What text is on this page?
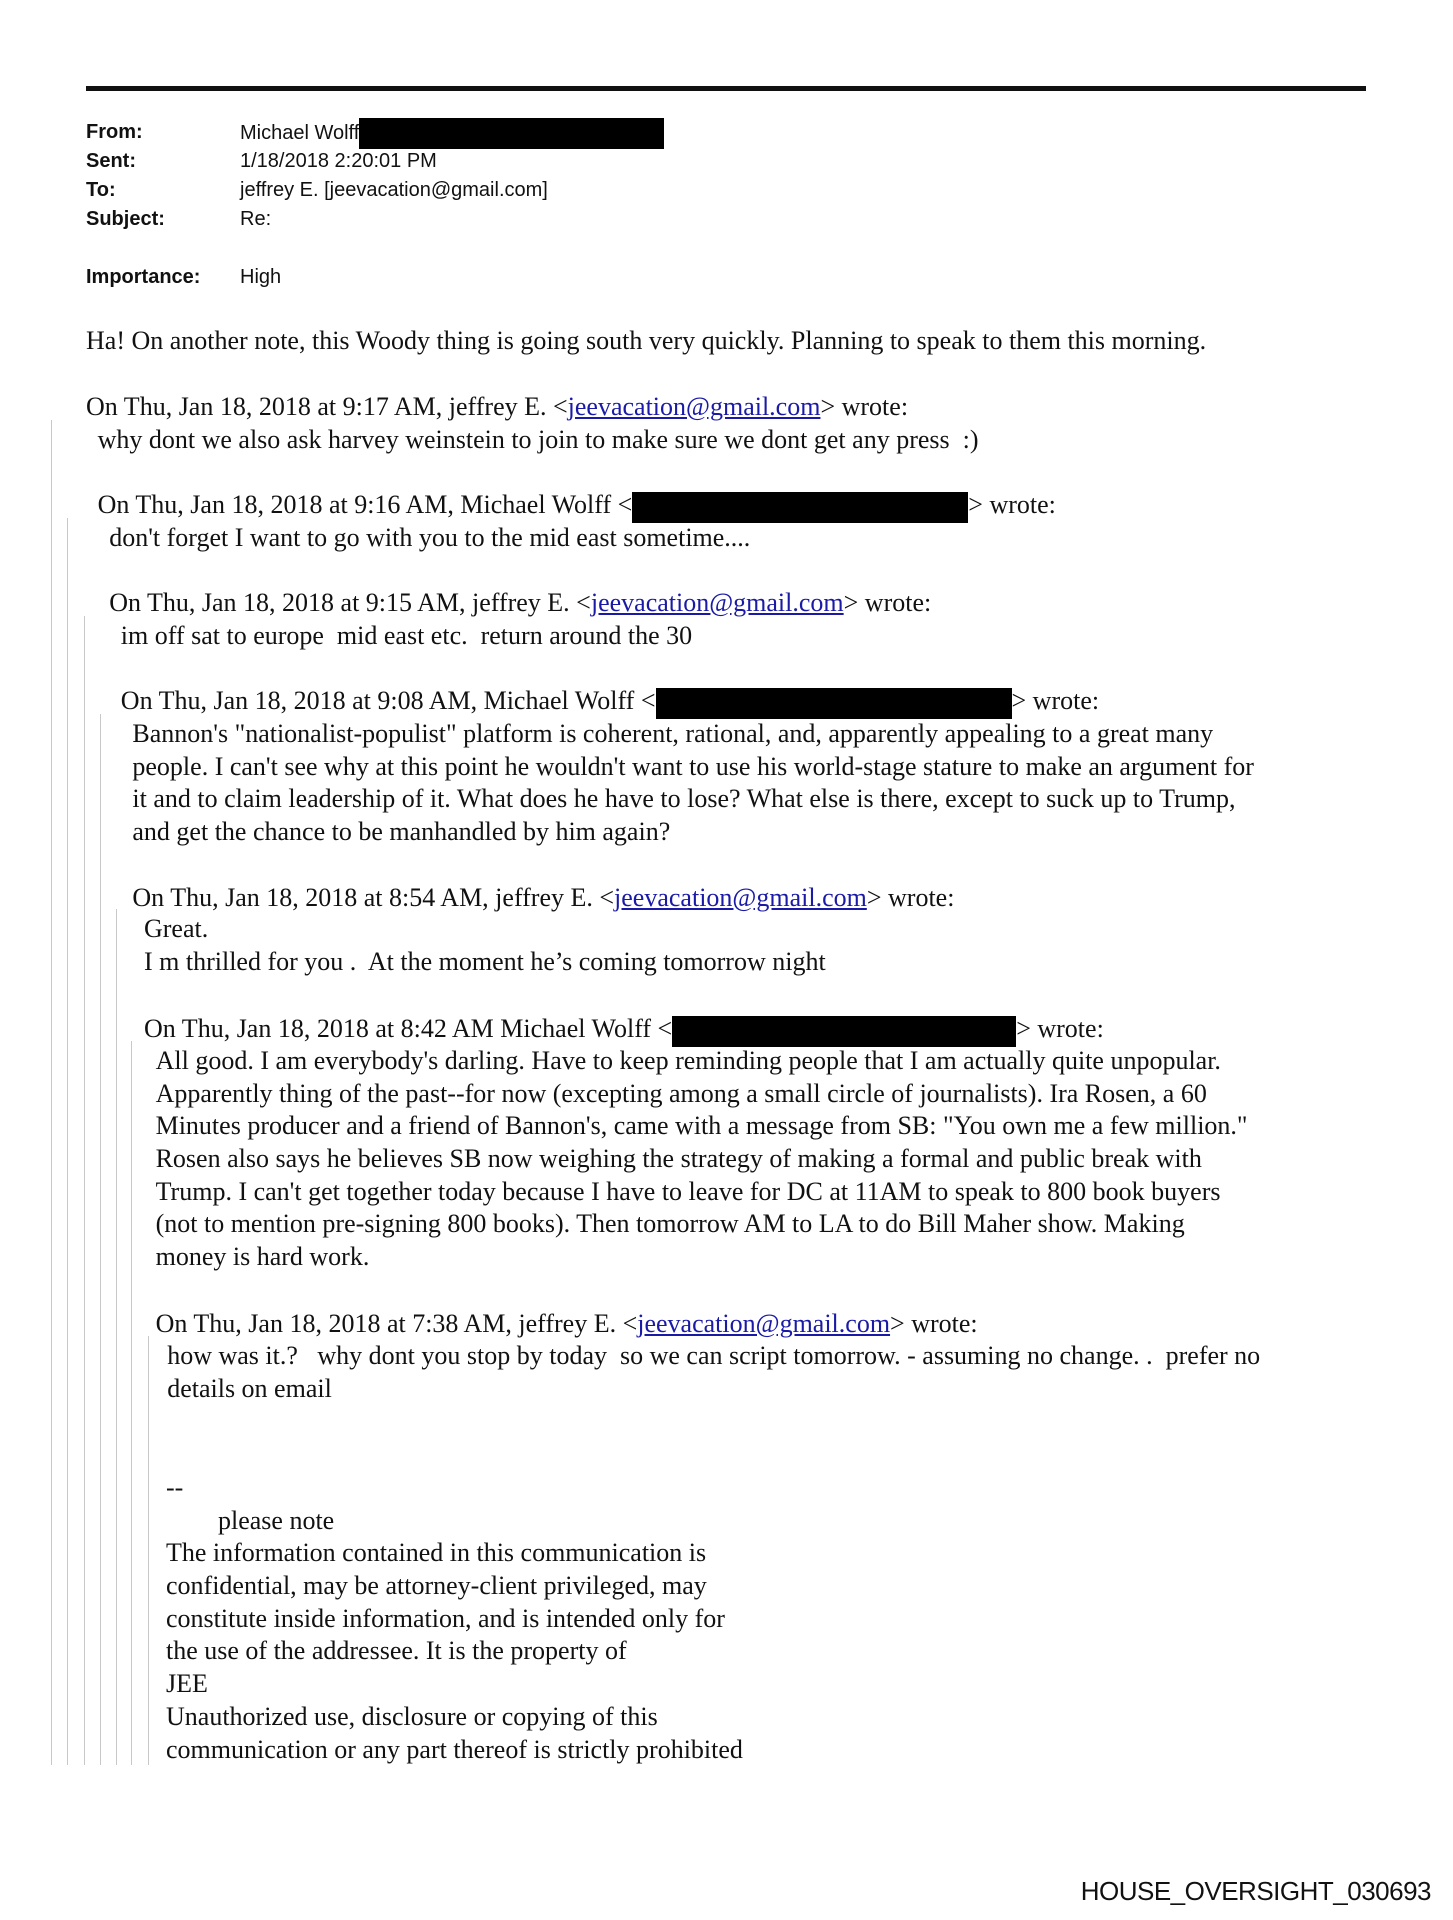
From:	Michael Wolff
Sent:	1/18/2018 2:20:01 PM
To:	jeffrey E. [jeevacation@gmail.com]
Subject:	Re:
Importance: High
Ha! On another note, this Woody thing is going south very quickly. Planning to speak to them this morning.
On Thu, Jan 18, 2018 at 9:17 AM, jeffrey E. <jeevacation@gmail.com> wrote:
why dont we also ask harvey weinstein to join to make sure we dont get any press  :)
On Thu, Jan 18, 2018 at 9:16 AM, Michael Wolff <	> wrote:
don't forget I want to go with you to the mid east sometime....
On Thu, Jan 18, 2018 at 9:15 AM, jeffrey E. <jeevacation@gmail.com> wrote:
im off sat to europe  mid east etc.  return around the 30
On Thu, Jan 18, 2018 at 9:08 AM, Michael Wolff <	> wrote:
Bannon's "nationalist-populist" platform is coherent, rational, and, apparently appealing to a great many
people. I can't see why at this point he wouldn't want to use his world-stage stature to make an argument for
it and to claim leadership of it. What does he have to lose? What else is there, except to suck up to Trump,
and get the chance to be manhandled by him again?
On Thu, Jan 18, 2018 at 8:54 AM, jeffrey E. <jeevacation@gmail.com> wrote:
Great.
I m thrilled for you .  At the moment he’s coming tomorrow night
On Thu, Jan 18, 2018 at 8:42 AM Michael Wolff <	> wrote:
All good. I am everybody's darling. Have to keep reminding people that I am actually quite unpopular.
Apparently thing of the past--for now (excepting among a small circle of journalists). Ira Rosen, a 60
Minutes producer and a friend of Bannon's, came with a message from SB: "You own me a few million."
Rosen also says he believes SB now weighing the strategy of making a formal and public break with
Trump. I can't get together today because I have to leave for DC at 11AM to speak to 800 book buyers
(not to mention pre-signing 800 books). Then tomorrow AM to LA to do Bill Maher show. Making
money is hard work.
On Thu, Jan 18, 2018 at 7:38 AM, jeffrey E. <jeevacation@gmail.com> wrote:
how was it.?   why dont you stop by today  so we can script tomorrow. - assuming no change. .  prefer no
details on email
--
please note
The information contained in this communication is
confidential, may be attorney-client privileged, may
constitute inside information, and is intended only for
the use of the addressee. It is the property of
JEE
Unauthorized use, disclosure or copying of this
communication or any part thereof is strictly prohibited
HOUSE_OVERSIGHT_030693
